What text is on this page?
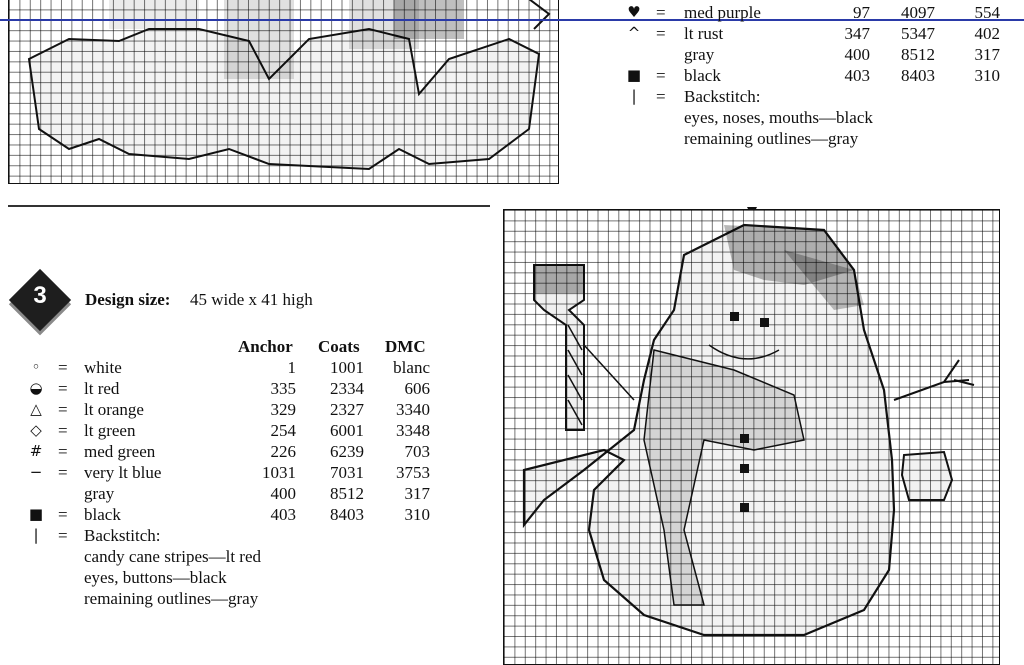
♥ = med purple	97	4097	554
^ = lt rust	347	5347	402
gray	400	8512	317
■ = black	403	8403	310
|	= Backstitch:
eyes, noses, mouths—black
remaining outlines—gray
3	Design size: 45 wide x 41 high
Anchor Coats DMC
◦ = white	1	1001	blanc
◒ = lt red	335	2334	606
△ = lt orange	329	2327	3340
◇ = lt green	254	6001	3348
# = med green	226	6239	703
− = very lt blue	1031	7031	3753
gray	400	8512	317
■ = black	403	8403	310
|	= Backstitch:
candy cane stripes—lt red
eyes, buttons—black
remaining outlines—gray
